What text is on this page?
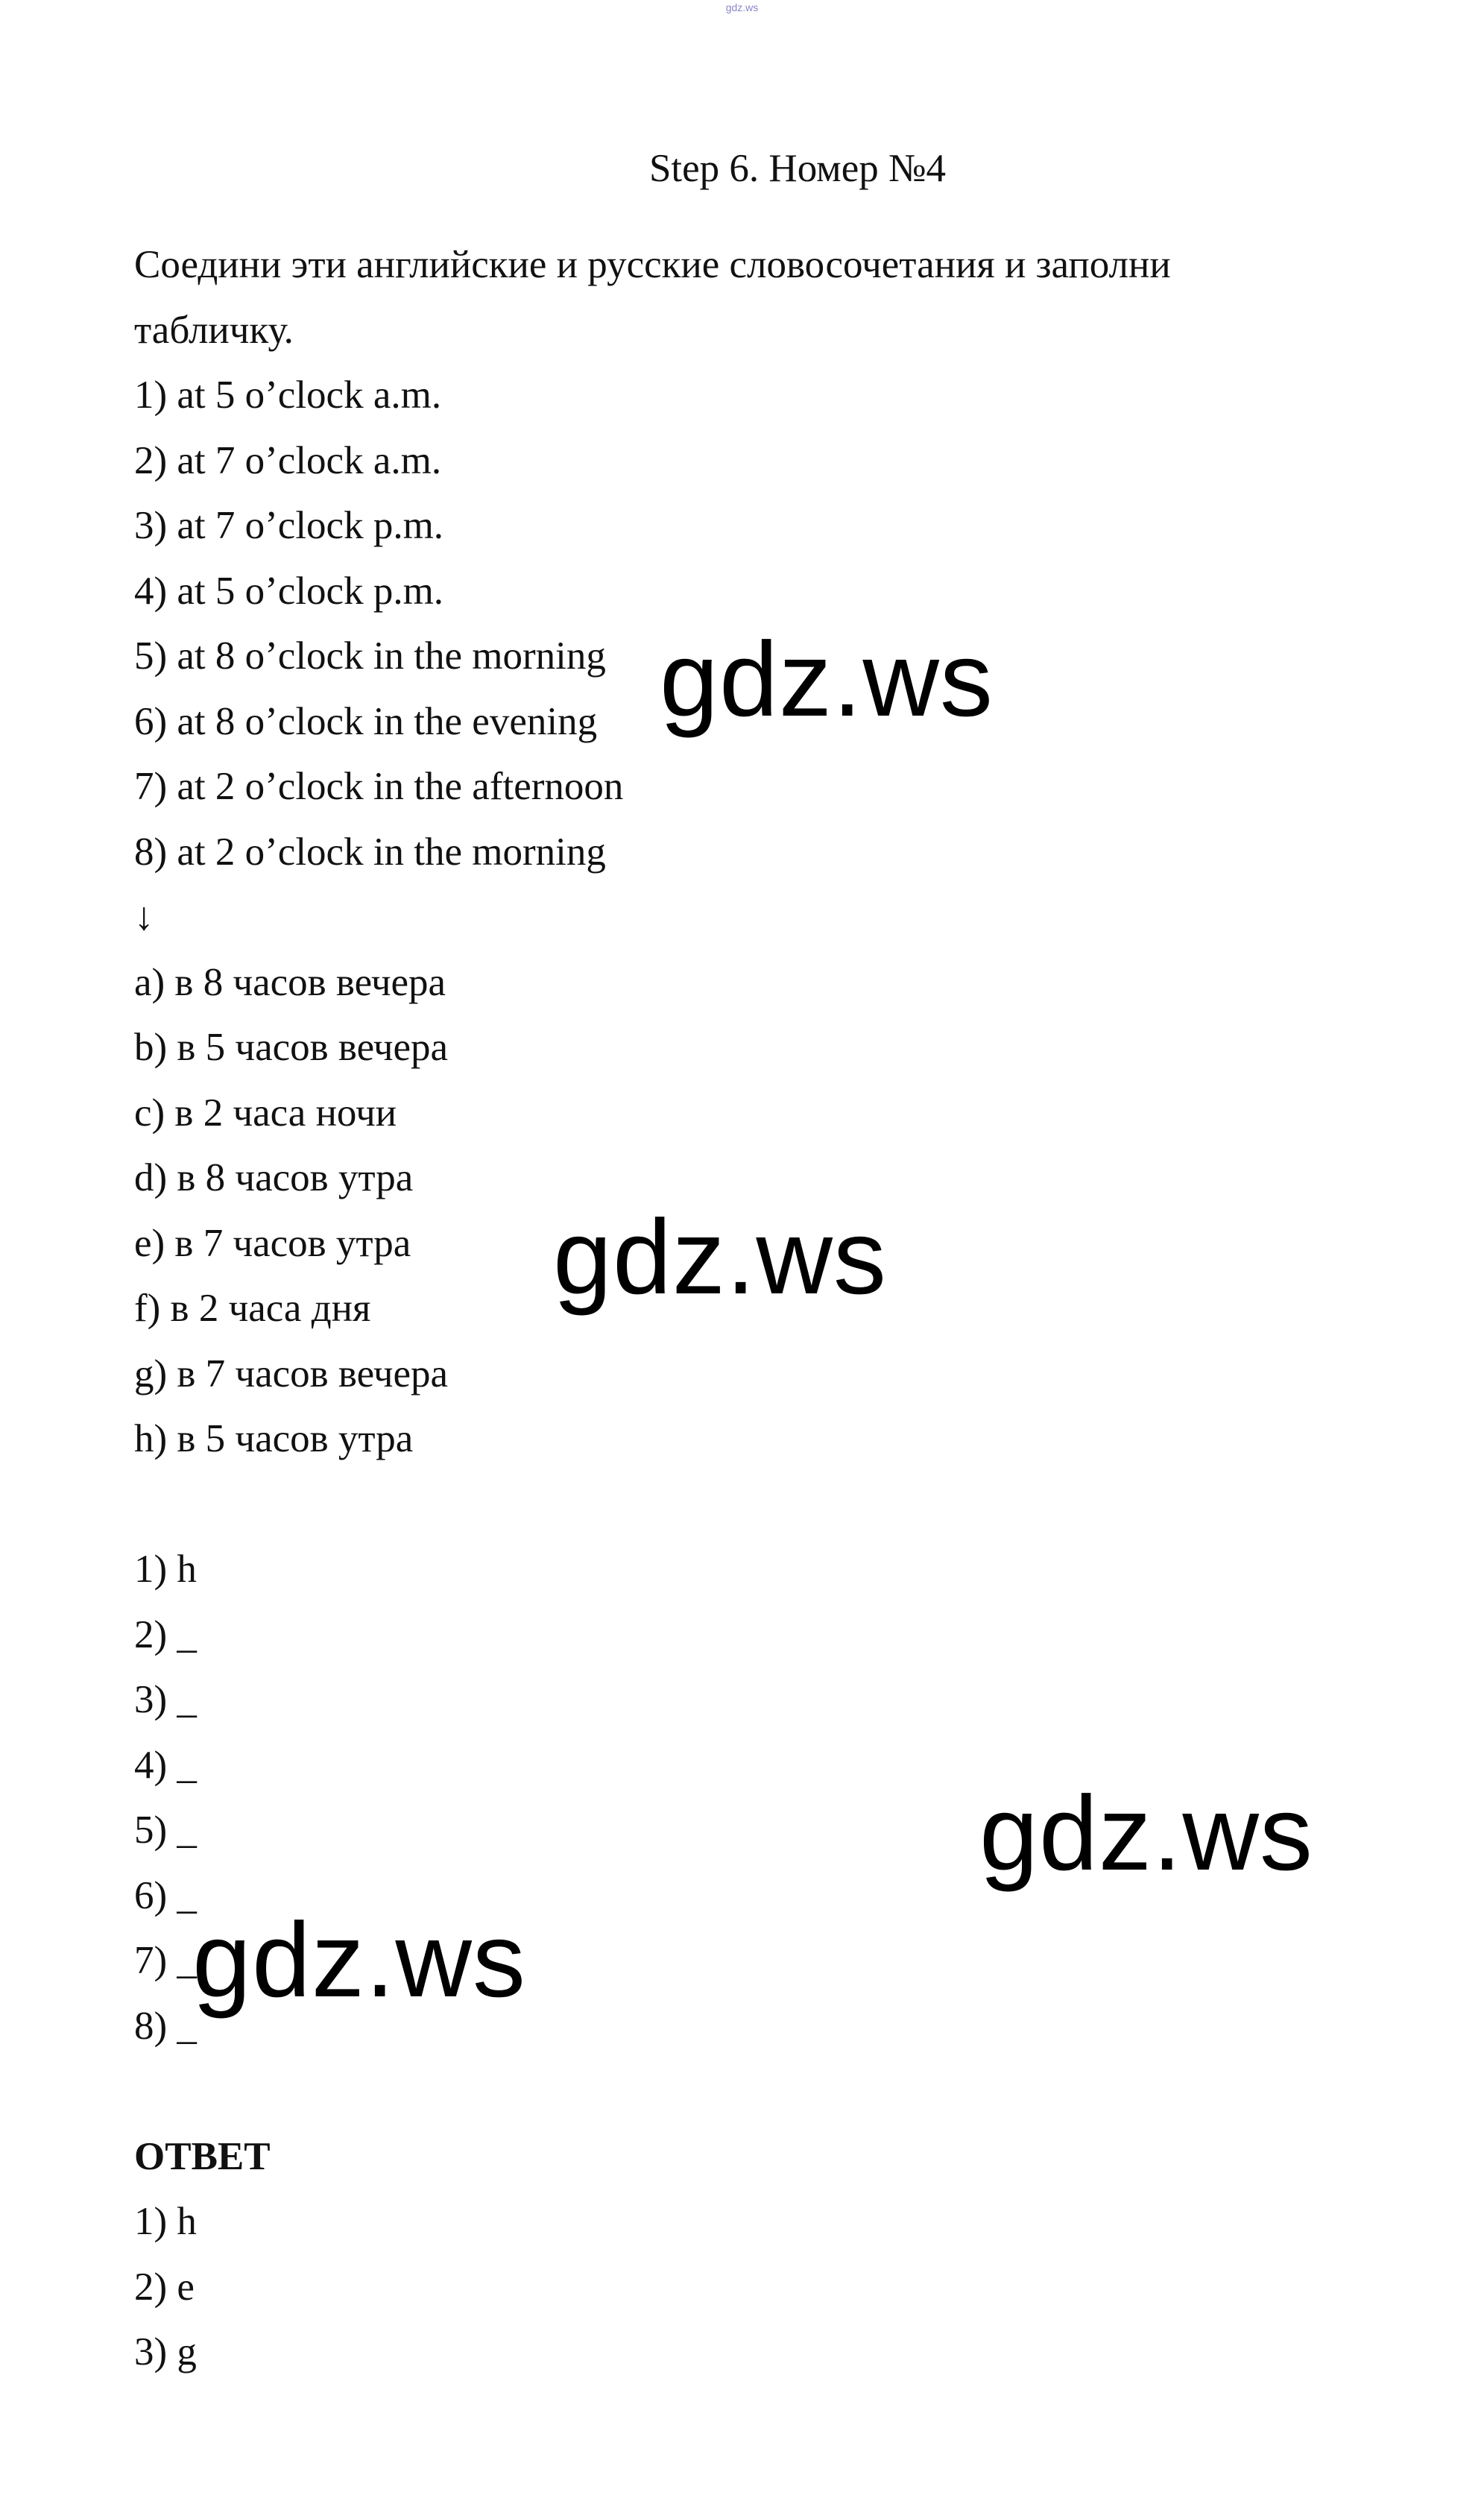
gdz.ws
Step 6. Номер №4
Соедини эти английские и русские словосочетания и заполни
табличку.
1) at 5 o’clock a.m.
2) at 7 o’clock a.m.
3) at 7 o’clock p.m.
4) at 5 o’clock p.m.
5) at 8 o’clock in the morning
6) at 8 o’clock in the evening
7) at 2 o’clock in the afternoon
8) at 2 o’clock in the morning
↓
a) в 8 часов вечера
b) в 5 часов вечера
c) в 2 часа ночи
d) в 8 часов утра
e) в 7 часов утра
f) в 2 часа дня
g) в 7 часов вечера
h) в 5 часов утра
1) h
2) _
3) _
4) _
5) _
6) _
7) _
8) _
ОТВЕТ
1) h
2) e
3) g
gdz.ws
gdz.ws
gdz.ws
gdz.ws
